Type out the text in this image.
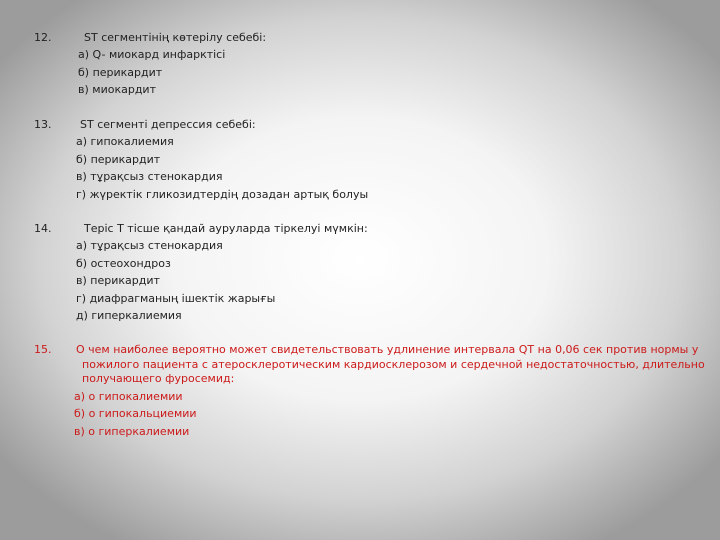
12.	ST сегментінің көтерілу себебі:
а) Q- миокард инфарктісі
б) перикардит
в) миокардит
13.	ST сегменті депрессия себебі:
а) гипокалиемия
б) перикардит
в) тұрақсыз стенокардия
г) жүректік гликозидтердің дозадан артық болуы
14.	Теріс Т тісше қандай ауруларда тіркелуі мүмкін:
а) тұрақсыз стенокардия
б) остеохондроз
в) перикардит
г) диафрагманың ішектік жарығы
д) гиперкалиемия
15. О чем наиболее вероятно может свидетельствовать удлинение интервала QT на 0,06 сек против нормы у
пожилого пациента с атеросклеротическим кардиосклерозом и сердечной недостаточностью, длительно
получающего фуросемид:
а) о гипокалиемии
б) о гипокальциемии
в) о гиперкалиемии
